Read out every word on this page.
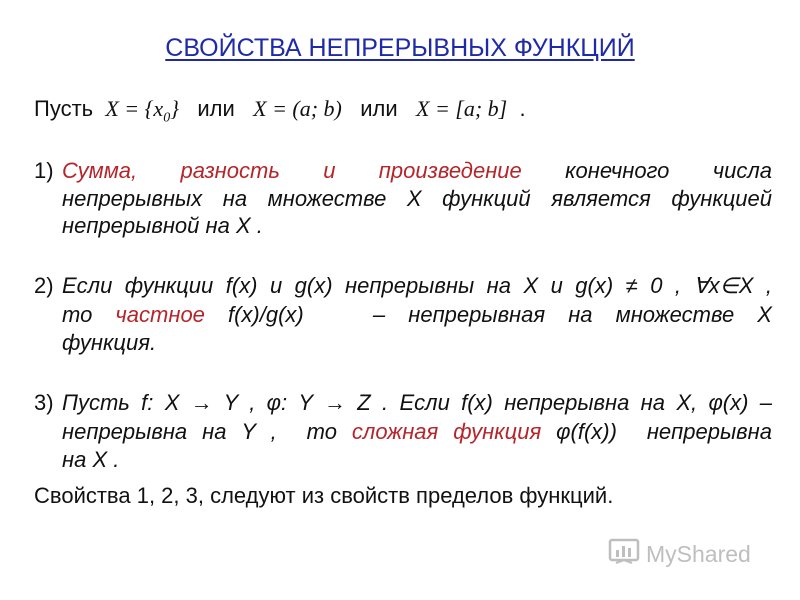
СВОЙСТВА НЕПРЕРЫВНЫХ ФУНКЦИЙ
Пусть $X = \{x_0\}$ или X = (a; b) или X = [a; b] .
1) Сумма, разность и произведение конечного числа
непрерывных на множестве X функций является функцией
непрерывной на X .
2) Если функции f(x) и g(x) непрерывны на X и g(x) ≠ 0 , ∀x∈X ,
то частное f(x)/g(x)   – непрерывная на множестве X
функция.
3) Пусть f: X → Y , φ: Y → Z . Если f(x) непрерывна на X, φ(x) –
непрерывна на Y ,  то сложная функция φ(f(x))  непрерывна
на X .
Свойства 1, 2, 3, следуют из свойств пределов функций.
MyShared
